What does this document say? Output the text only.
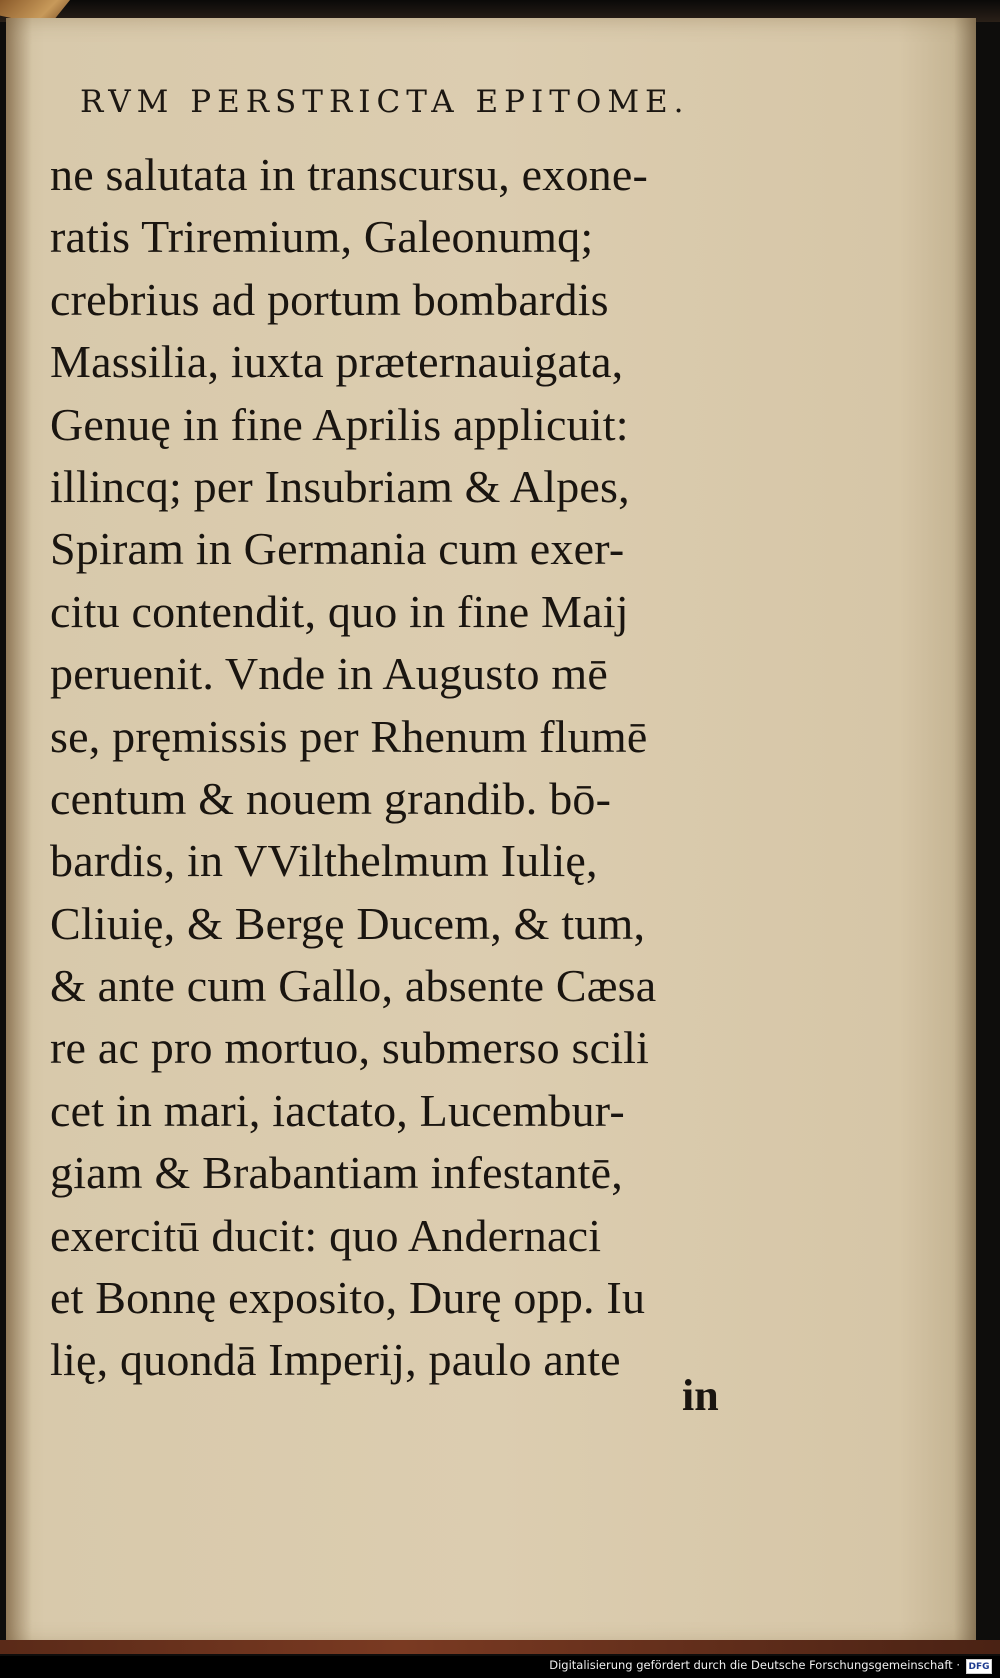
RVM PERSTRICTA EPITOME.
ne salutata in transcursu, exone-
ratis Triremium, Galeonumq;
crebrius ad portum bombardis
Massilia, iuxta præternauigata,
Genuę in fine Aprilis applicuit:
illincq; per Insubriam & Alpes,
Spiram in Germania cum exer-
citu contendit, quo in fine Maij
peruenit. Vnde in Augusto mē
se, pręmissis per Rhenum flumē
centum & nouem grandib. bō-
bardis, in VVilthelmum Iulię,
Cliuię, & Bergę Ducem, & tum,
& ante cum Gallo, absente Cæsa
re ac pro mortuo, submerso scili
cet in mari, iactato, Lucembur-
giam & Brabantiam infestantē,
exercitū ducit: quo Andernaci
et Bonnę exposito, Durę opp. Iu
lię, quondā Imperij, paulo ante
in
Digitalisierung gefördert durch die Deutsche Forschungsgemeinschaft · DFG
